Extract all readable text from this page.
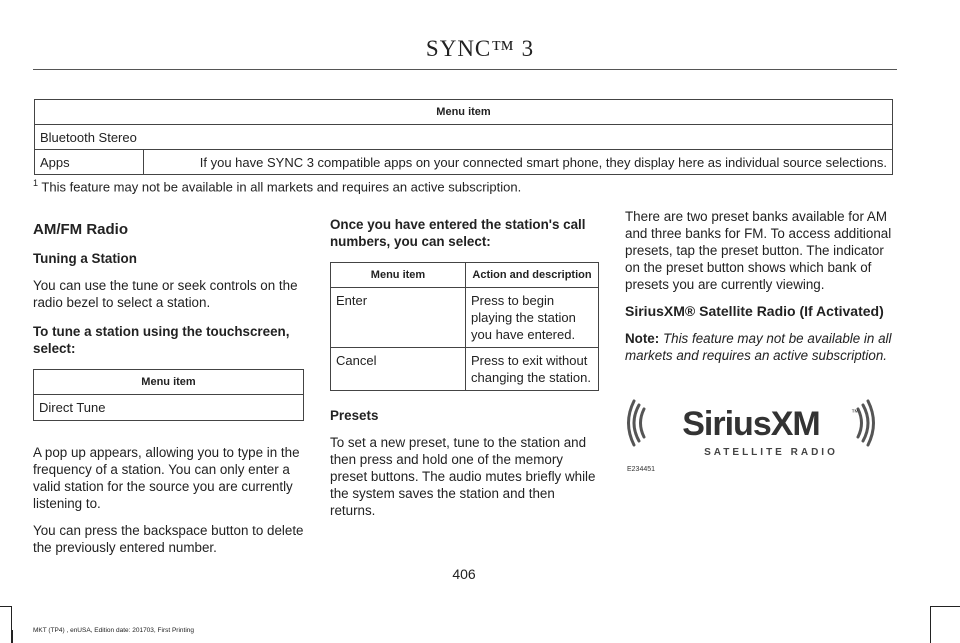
SYNC™ 3
Menu item
Bluetooth Stereo
Apps	If you have SYNC 3 compatible apps on your connected smart phone, they display here as individual source selections.
$^1$ This feature may not be available in all markets and requires an active subscription.

AM/FM Radio

Tuning a Station

You can use the tune or seek controls on the radio bezel to select a station.

To tune a station using the touchscreen, select:

Menu item
Direct Tune

A pop up appears, allowing you to type in the frequency of a station. You can only enter a valid station for the source you are currently listening to.

You can press the backspace button to delete the previously entered number.

Once you have entered the station's call numbers, you can select:

Menu item	Action and description
Enter	Press to begin playing the station you have entered.
Cancel	Press to exit without changing the station.

Presets

To set a new preset, tune to the station and then press and hold one of the memory preset buttons. The audio mutes briefly while the system saves the station and then returns.

There are two preset banks available for AM and three banks for FM. To access additional presets, tap the preset button. The indicator on the preset button shows which bank of presets you are currently viewing.

SiriusXM® Satellite Radio (If Activated)

Note: This feature may not be available in all markets and requires an active subscription.

SiriusXM	™
SATELLITE RADIO
E234451
406
MKT (TP4) , enUSA, Edition date: 201703, First Printing
